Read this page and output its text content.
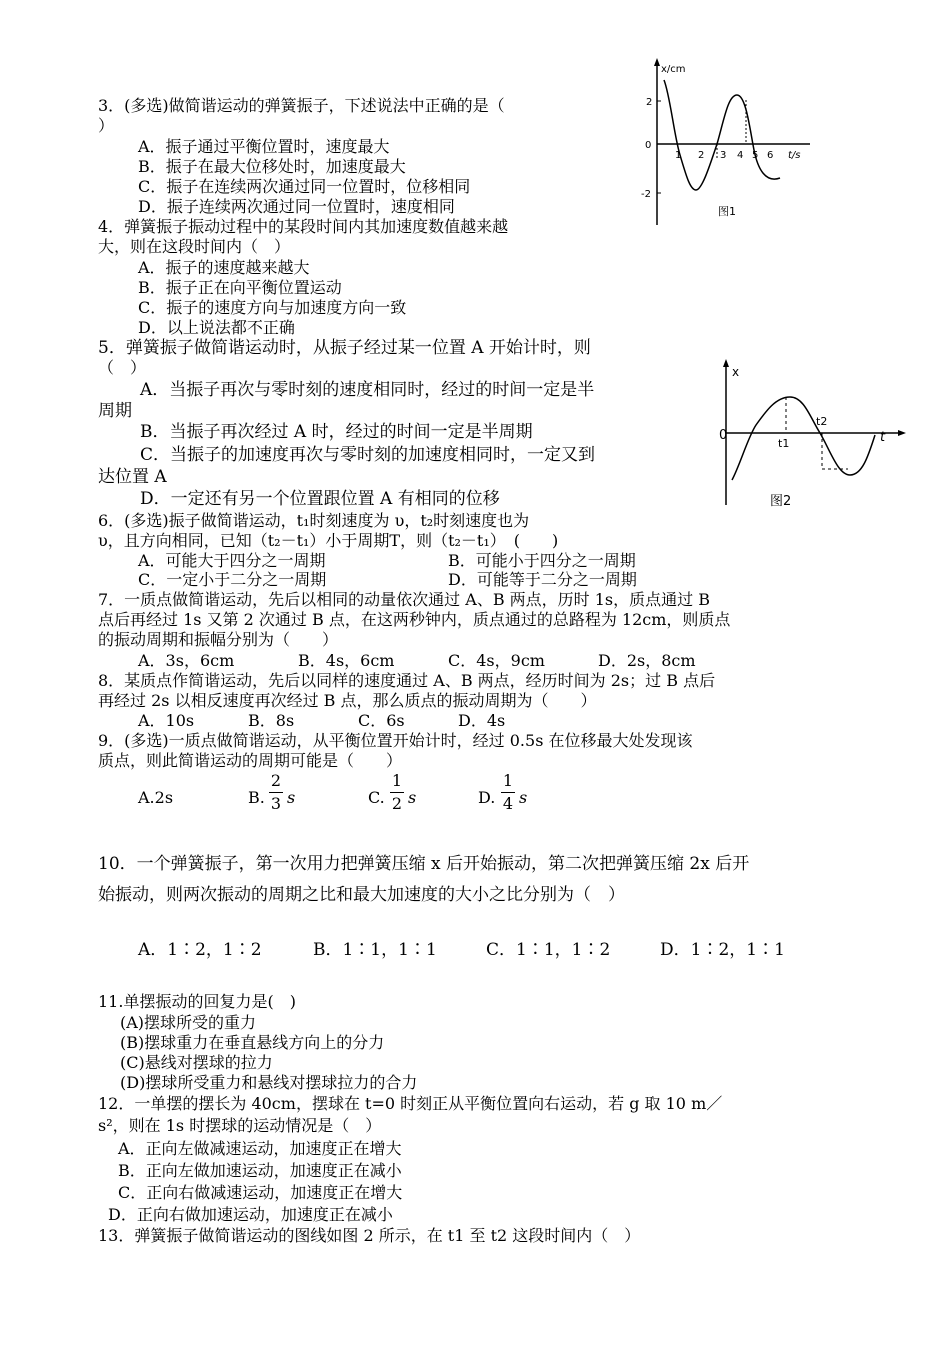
3．(多选)做简谐运动的弹簧振子，下述说法中正确的是（
）
A．振子通过平衡位置时，速度最大
B．振子在最大位移处时，加速度最大
C．振子在连续两次通过同一位置时，位移相同
D．振子连续两次通过同一位置时，速度相同
4．弹簧振子振动过程中的某段时间内其加速度数值越来越
大，则在这段时间内（　）
A．振子的速度越来越大
B．振子正在向平衡位置运动
C．振子的速度方向与加速度方向一致
D．以上说法都不正确
5．弹簧振子做简谐运动时，从振子经过某一位置 A 开始计时，则
（　）
A．当振子再次与零时刻的速度相同时，经过的时间一定是半
周期
B．当振子再次经过 A 时，经过的时间一定是半周期
C．当振子的加速度再次与零时刻的加速度相同时，一定又到
达位置 A
D．一定还有另一个位置跟位置 A 有相同的位移
6．(多选)振子做简谐运动，t₁时刻速度为 υ，t₂时刻速度也为
υ，且方向相同，已知（t₂－t₁）小于周期T，则（t₂－t₁）　(　　)
A．可能大于四分之一周期	B．可能小于四分之一周期
C．一定小于二分之一周期	D．可能等于二分之一周期
7．一质点做简谐运动，先后以相同的动量依次通过 A、B 两点，历时 1s，质点通过 B
点后再经过 1s 又第 2 次通过 B 点，在这两秒钟内，质点通过的总路程为 12cm，则质点
的振动周期和振幅分别为（　　）
A．3s，6cm	B．4s，6cm	C．4s，9cm	D．2s，8cm
8．某质点作简谐运动，先后以同样的速度通过 A、B 两点，经历时间为 2s；过 B 点后
再经过 2s 以相反速度再次经过 B 点，那么质点的振动周期为（　　）
A．10s	B．8s	C．6s	D．4s
9．(多选)一质点做简谐运动，从平衡位置开始计时，经过 0.5s 在位移最大处发现该
质点，则此简谐运动的周期可能是（　　）
A.2s	B.
2
3 s	C.
1
2 s	D.
1
4 s
10．一个弹簧振子，第一次用力把弹簧压缩 x 后开始振动，第二次把弹簧压缩 2x 后开
始振动，则两次振动的周期之比和最大加速度的大小之比分别为（　）
A．1∶2，1∶2	B．1∶1，1∶1	C．1∶1，1∶2	D．1∶2，1∶1
11.单摆振动的回复力是(　)
(A)摆球所受的重力
(B)摆球重力在垂直悬线方向上的分力
(C)悬线对摆球的拉力
(D)摆球所受重力和悬线对摆球拉力的合力
12．一单摆的摆长为 40cm，摆球在 t=0 时刻正从平衡位置向右运动，若 g 取 10 m／
s²，则在 1s 时摆球的运动情况是（　）
A．正向左做减速运动，加速度正在增大
B．正向左做加速运动，加速度正在减小
C．正向右做减速运动，加速度正在增大
D．正向右做加速运动，加速度正在减小
13．弹簧振子做简谐运动的图线如图 2 所示，在 t1 至 t2 这段时间内（　）
x/cm
t/s
0
2
-2
1 2 3 4 5 6
图1
x
t
0
t1
t2
图2
